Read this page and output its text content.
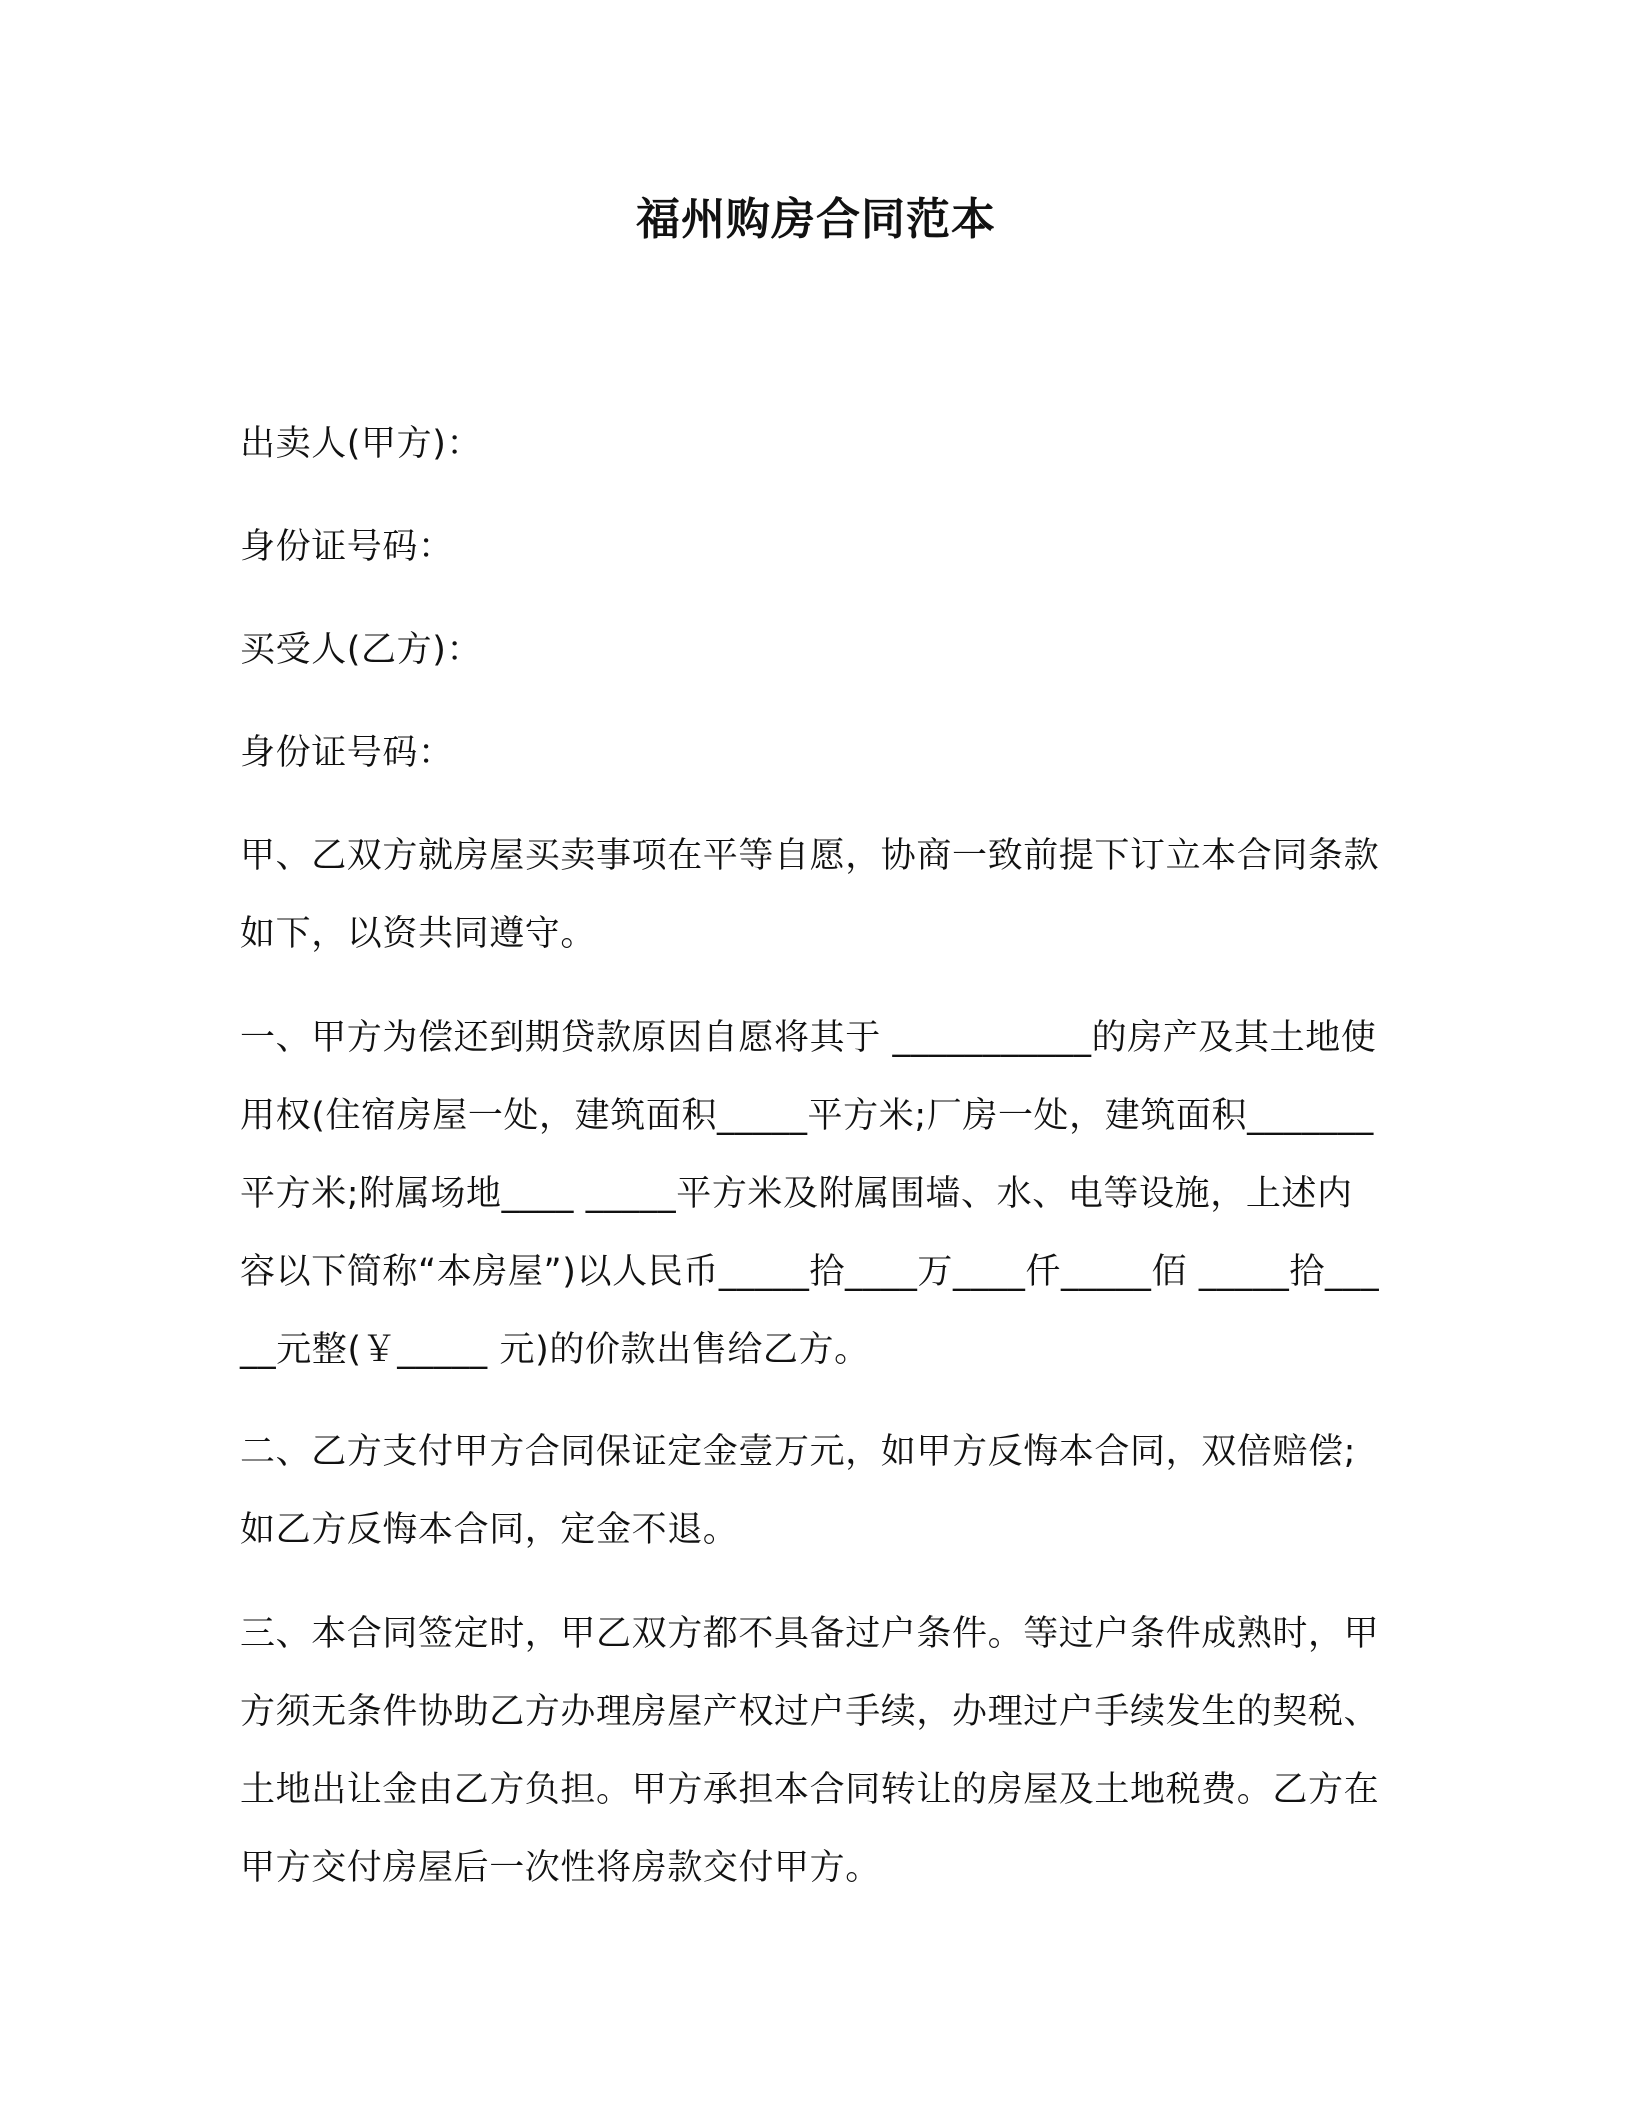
福州购房合同范本
出卖人(甲方)：
身份证号码：
买受人(乙方)：
身份证号码：
甲、乙双方就房屋买卖事项在平等自愿，协商一致前提下订立本合同条款如下，以资共同遵守。
一、甲方为偿还到期贷款原因自愿将其于 ___________的房产及其土地使用权(住宿房屋一处，建筑面积_____平方米;厂房一处，建筑面积_______平方米;附属场地____ _____平方米及附属围墙、水、电等设施，上述内容以下简称“本房屋”)以人民币_____拾____万____仟_____佰 _____拾_____元整(￥_____ 元)的价款出售给乙方。
二、乙方支付甲方合同保证定金壹万元，如甲方反悔本合同，双倍赔偿;如乙方反悔本合同，定金不退。
三、本合同签定时，甲乙双方都不具备过户条件。等过户条件成熟时，甲方须无条件协助乙方办理房屋产权过户手续，办理过户手续发生的契税、土地出让金由乙方负担。甲方承担本合同转让的房屋及土地税费。乙方在甲方交付房屋后一次性将房款交付甲方。
